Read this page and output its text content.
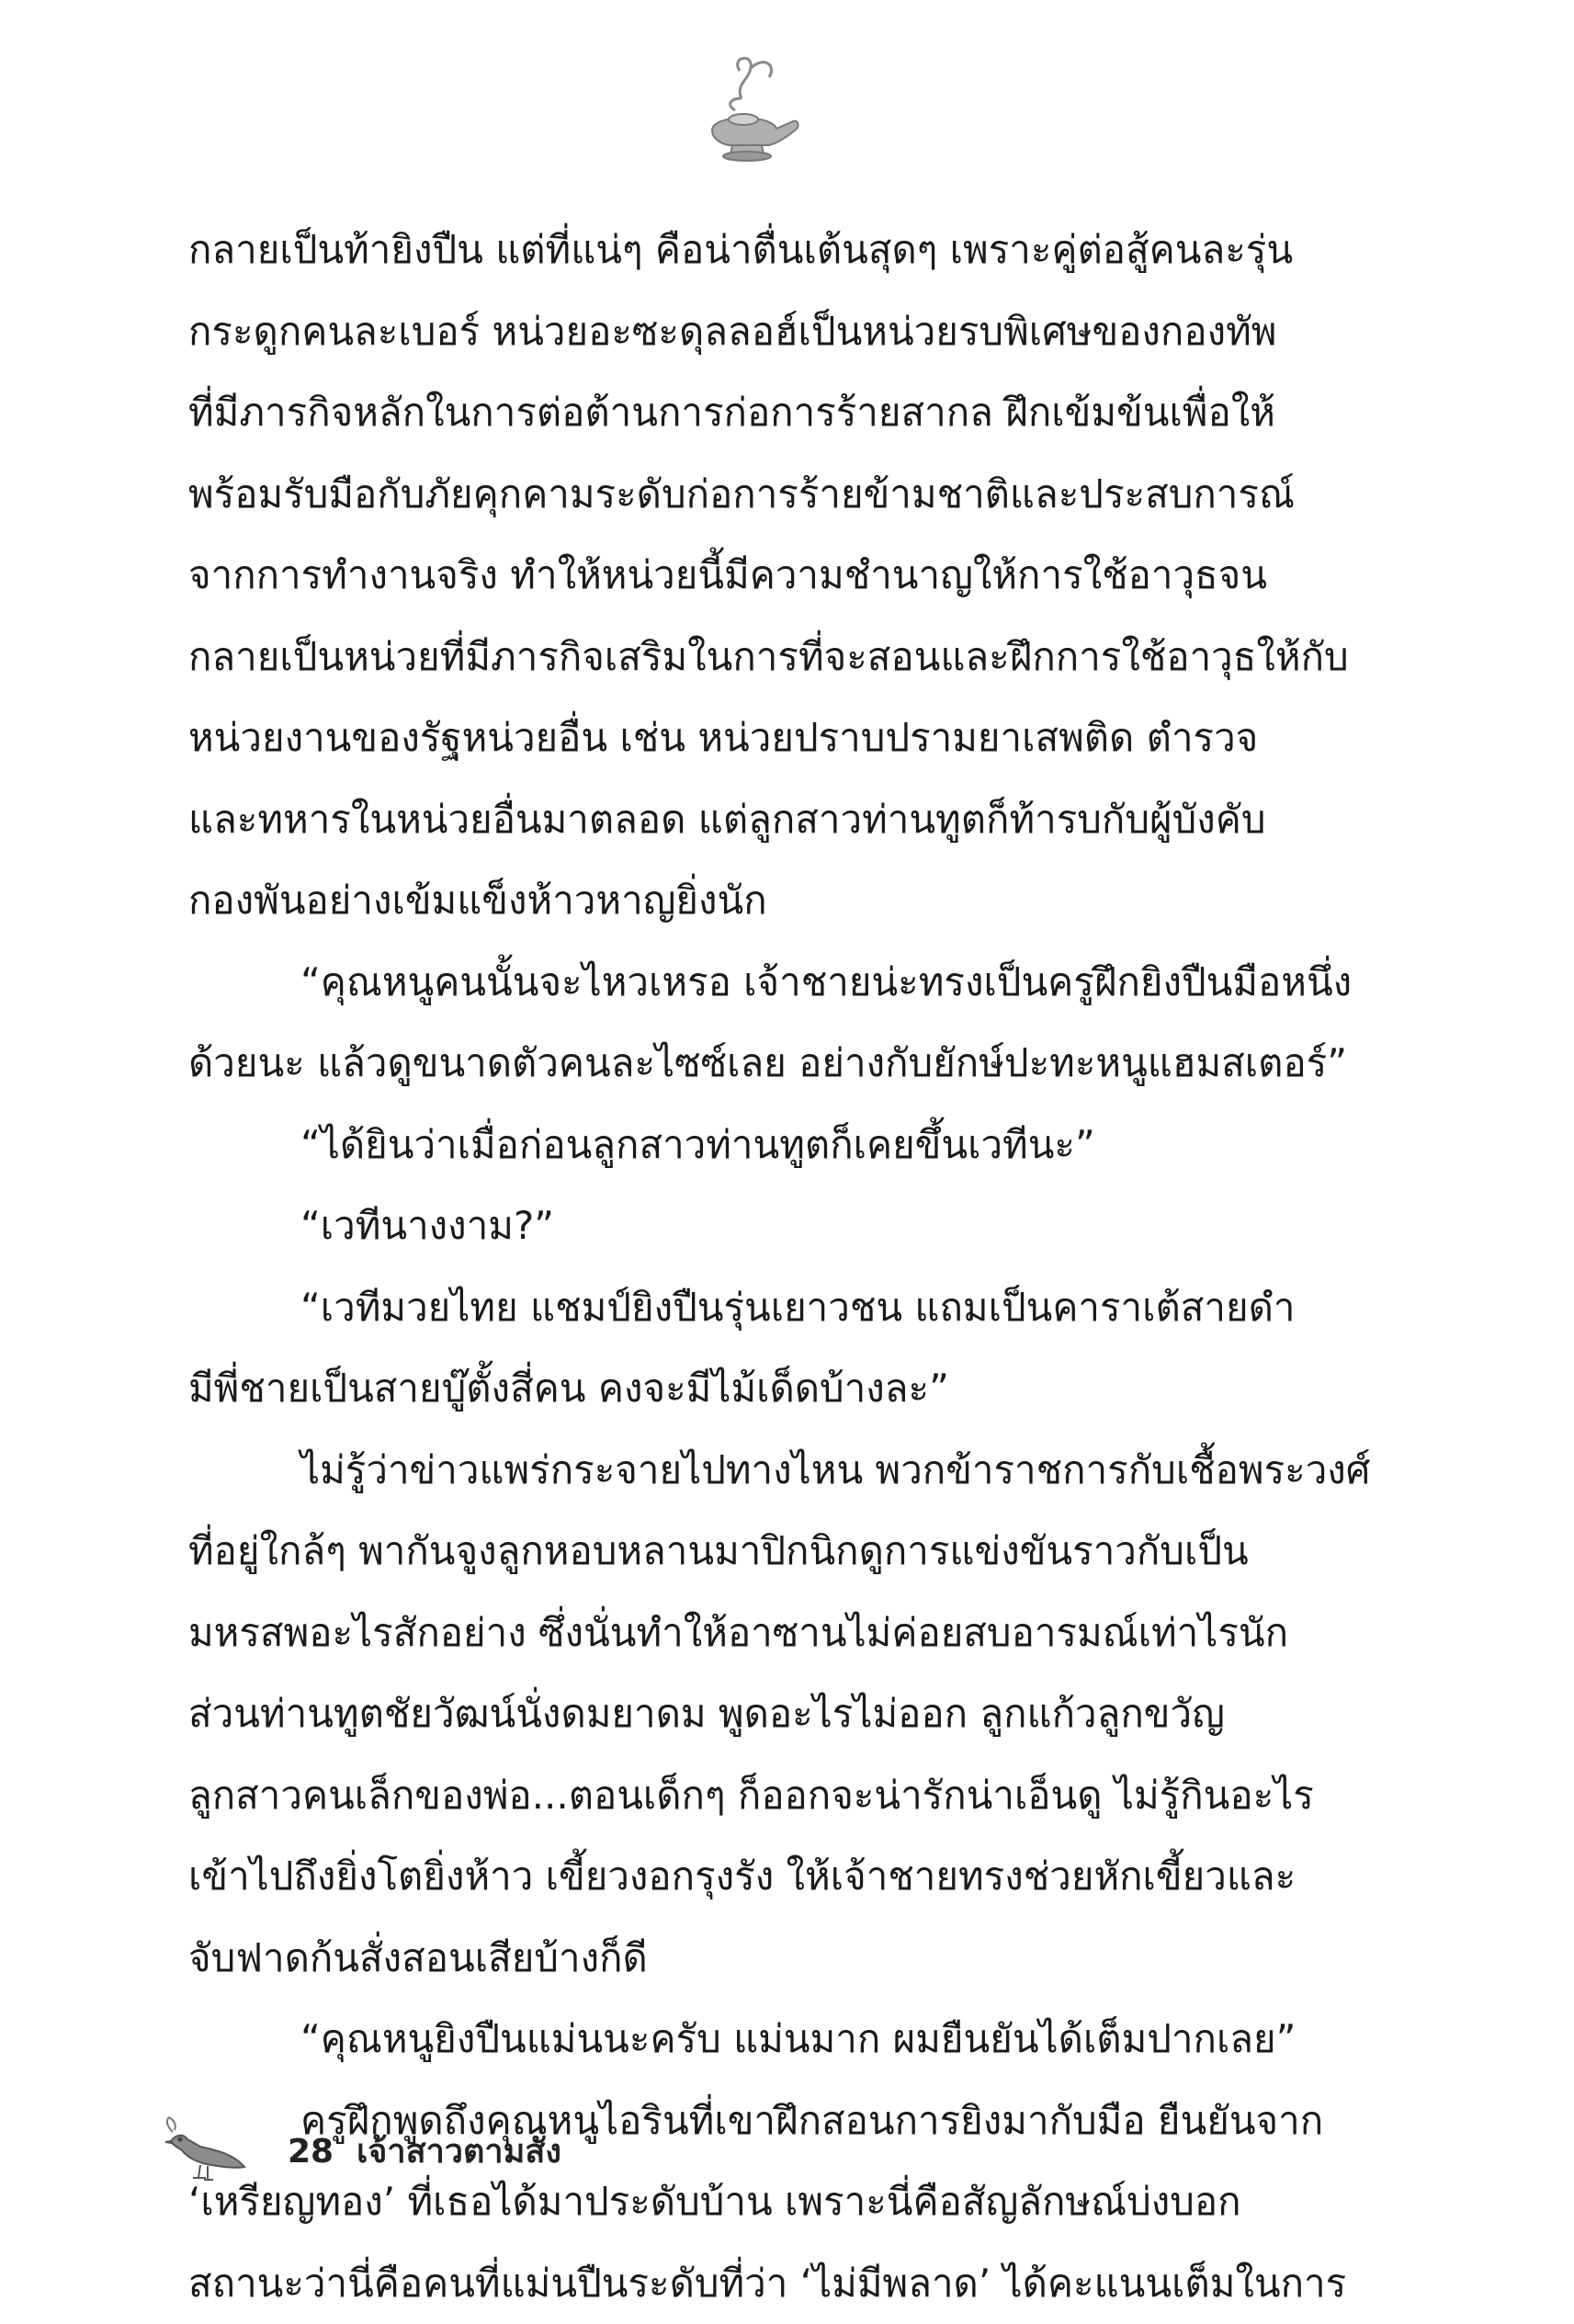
กลายเป็นท้ายิงปืน แต่ที่แน่ๆ คือน่าตื่นเต้นสุดๆ เพราะคู่ต่อสู้คนละรุ่น
กระดูกคนละเบอร์ หน่วยอะซะดุลลอฮ์เป็นหน่วยรบพิเศษของกองทัพ
ที่มีภารกิจหลักในการต่อต้านการก่อการร้ายสากล ฝึกเข้มข้นเพื่อให้
พร้อมรับมือกับภัยคุกคามระดับก่อการร้ายข้ามชาติและประสบการณ์
จากการทำงานจริง ทำให้หน่วยนี้มีความชำนาญให้การใช้อาวุธจน
กลายเป็นหน่วยที่มีภารกิจเสริมในการที่จะสอนและฝึกการใช้อาวุธให้กับ
หน่วยงานของรัฐหน่วยอื่น เช่น หน่วยปราบปรามยาเสพติด ตำรวจ
และทหารในหน่วยอื่นมาตลอด แต่ลูกสาวท่านทูตก็ท้ารบกับผู้บังคับ
กองพันอย่างเข้มแข็งห้าวหาญยิ่งนัก
“คุณหนูคนนั้นจะไหวเหรอ เจ้าชายน่ะทรงเป็นครูฝึกยิงปืนมือหนึ่ง
ด้วยนะ แล้วดูขนาดตัวคนละไซซ์เลย อย่างกับยักษ์ปะทะหนูแฮมสเตอร์”
“ได้ยินว่าเมื่อก่อนลูกสาวท่านทูตก็เคยขึ้นเวทีนะ”
“เวทีนางงาม?”
“เวทีมวยไทย แชมป์ยิงปืนรุ่นเยาวชน แถมเป็นคาราเต้สายดำ
มีพี่ชายเป็นสายบู๊ตั้งสี่คน คงจะมีไม้เด็ดบ้างละ”
ไม่รู้ว่าข่าวแพร่กระจายไปทางไหน พวกข้าราชการกับเชื้อพระวงศ์
ที่อยู่ใกล้ๆ พากันจูงลูกหอบหลานมาปิกนิกดูการแข่งขันราวกับเป็น
มหรสพอะไรสักอย่าง ซึ่งนั่นทำให้อาซานไม่ค่อยสบอารมณ์เท่าไรนัก
ส่วนท่านทูตชัยวัฒน์นั่งดมยาดม พูดอะไรไม่ออก ลูกแก้วลูกขวัญ
ลูกสาวคนเล็กของพ่อ...ตอนเด็กๆ ก็ออกจะน่ารักน่าเอ็นดู ไม่รู้กินอะไร
เข้าไปถึงยิ่งโตยิ่งห้าว เขี้ยวงอกรุงรัง ให้เจ้าชายทรงช่วยหักเขี้ยวและ
จับฟาดก้นสั่งสอนเสียบ้างก็ดี
“คุณหนูยิงปืนแม่นนะครับ แม่นมาก ผมยืนยันได้เต็มปากเลย”
ครูฝึกพูดถึงคุณหนูไอรินที่เขาฝึกสอนการยิงมากับมือ ยืนยันจาก
‘เหรียญทอง’ ที่เธอได้มาประดับบ้าน เพราะนี่คือสัญลักษณ์บ่งบอก
สถานะว่านี่คือคนที่แม่นปืนระดับที่ว่า ‘ไม่มีพลาด’ ได้คะแนนเต็มในการ
28 เจ้าสาวตามสั่ง
